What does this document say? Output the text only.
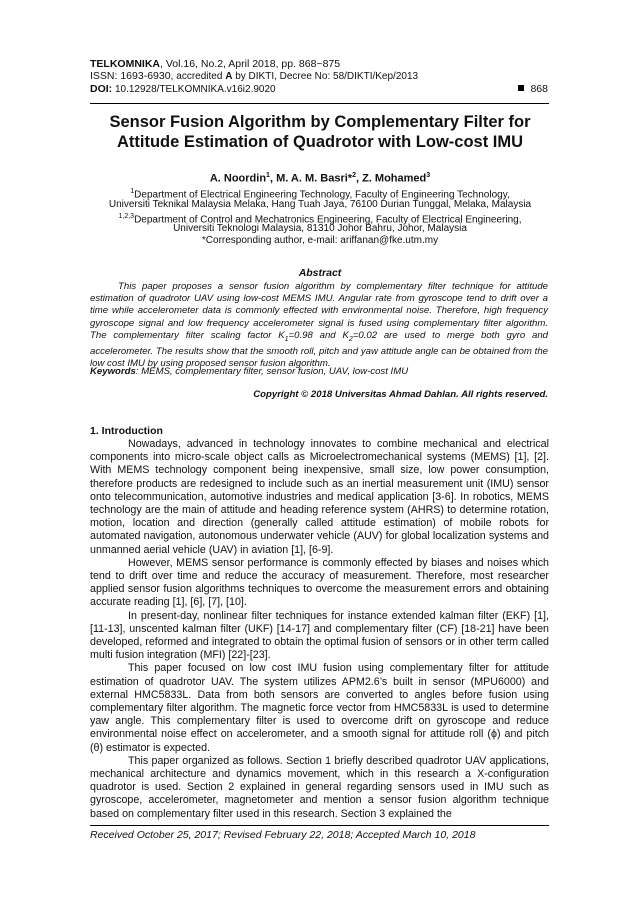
TELKOMNIKA, Vol.16, No.2, April 2018, pp. 868~875
ISSN: 1693-6930, accredited A by DIKTI, Decree No: 58/DIKTI/Kep/2013
DOI: 10.12928/TELKOMNIKA.v16i2.9020	868
Sensor Fusion Algorithm by Complementary Filter for
Attitude Estimation of Quadrotor with Low-cost IMU
A. Noordin$^1$, M. A. M. Basri*$^2$, Z. Mohamed$^3$
$^1$Department of Electrical Engineering Technology, Faculty of Engineering Technology,
Universiti Teknikal Malaysia Melaka, Hang Tuah Jaya, 76100 Durian Tunggal, Melaka, Malaysia
$^{1,2,3}$Department of Control and Mechatronics Engineering, Faculty of Electrical Engineering,
Universiti Teknologi Malaysia, 81310 Johor Bahru, Johor, Malaysia
*Corresponding author, e-mail: ariffanan@fke.utm.my
Abstract
This paper proposes a sensor fusion algorithm by complementary filter technique for attitude estimation of quadrotor UAV using low-cost MEMS IMU. Angular rate from gyroscope tend to drift over a time while accelerometer data is commonly effected with environmental noise. Therefore, high frequency gyroscope signal and low frequency accelerometer signal is fused using complementary filter algorithm. The complementary filter scaling factor $K_1=0.98$ and $K_2=0.02$ are used to merge both gyro and accelerometer. The results show that the smooth roll, pitch and yaw attitude angle can be obtained from the low cost IMU by using proposed sensor fusion algorithm.
Keywords: MEMS, complementary filter, sensor fusion, UAV, low-cost IMU
Copyright © 2018 Universitas Ahmad Dahlan. All rights reserved.
1. Introduction

Nowadays, advanced in technology innovates to combine mechanical and electrical components into micro-scale object calls as Microelectromechanical systems (MEMS) [1], [2]. With MEMS technology component being inexpensive, small size, low power consumption, therefore products are redesigned to include such as an inertial measurement unit (IMU) sensor onto telecommunication, automotive industries and medical application [3-6]. In robotics, MEMS technology are the main of attitude and heading reference system (AHRS) to determine rotation, motion, location and direction (generally called attitude estimation) of mobile robots for automated navigation, autonomous underwater vehicle (AUV) for global localization systems and unmanned aerial vehicle (UAV) in aviation [1], [6-9].

However, MEMS sensor performance is commonly effected by biases and noises which tend to drift over time and reduce the accuracy of measurement. Therefore, most researcher applied sensor fusion algorithms techniques to overcome the measurement errors and obtaining accurate reading [1], [6], [7], [10].

In present-day, nonlinear filter techniques for instance extended kalman filter (EKF) [1], [11-13], unscented kalman filter (UKF) [14-17] and complementary filter (CF) [18-21] have been developed, reformed and integrated to obtain the optimal fusion of sensors or in other term called multi fusion integration (MFI) [22]-[23].

This paper focused on low cost IMU fusion using complementary filter for attitude estimation of quadrotor UAV. The system utilizes APM2.6’s built in sensor (MPU6000) and external HMC5833L. Data from both sensors are converted to angles before fusion using complementary filter algorithm. The magnetic force vector from HMC5833L is used to determine yaw angle. This complementary filter is used to overcome drift on gyroscope and reduce environmental noise effect on accelerometer, and a smooth signal for attitude roll (ϕ) and pitch (θ) estimator is expected.

This paper organized as follows. Section 1 briefly described quadrotor UAV applications, mechanical architecture and dynamics movement, which in this research a X-configuration quadrotor is used. Section 2 explained in general regarding sensors used in IMU such as gyroscope, accelerometer, magnetometer and mention a sensor fusion algorithm technique based on complementary filter used in this research. Section 3 explained the

Received October 25, 2017; Revised February 22, 2018; Accepted March 10, 2018
